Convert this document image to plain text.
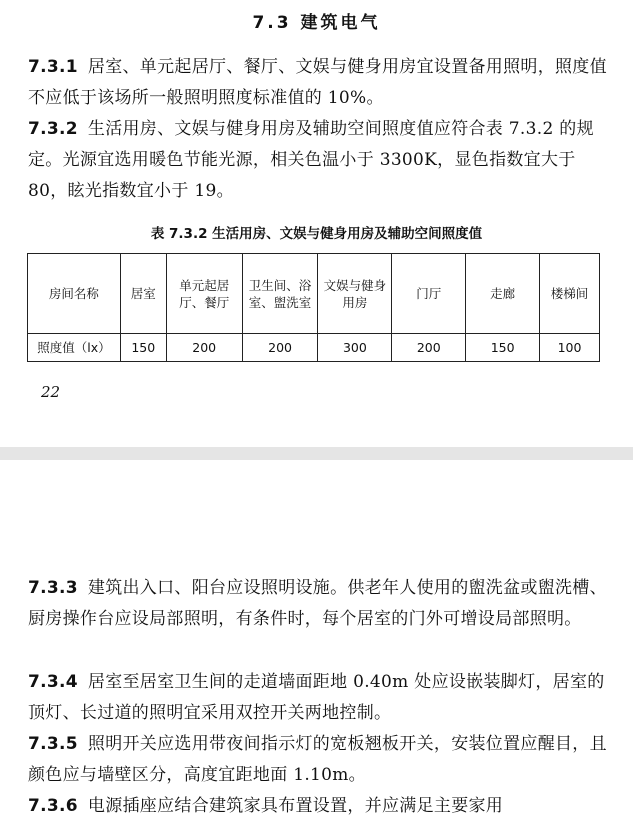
7.3 建筑电气

7.3.1 居室、单元起居厅、餐厅、文娱与健身用房宜设置备用照明，照度值不应低于该场所一般照明照度标准值的 10%。

7.3.2 生活用房、文娱与健身用房及辅助空间照度值应符合表 7.3.2 的规定。光源宜选用暖色节能光源，相关色温小于 3300K，显色指数宜大于 80，眩光指数宜小于 19。

表 7.3.2 生活用房、文娱与健身用房及辅助空间照度值
房间名称	居室	单元起居厅、餐厅	卫生间、浴室、盥洗室	文娱与健身用房	门厅	走廊	楼梯间
照度值（lx）	150	200	200	300	200	150	100
22

7.3.3 建筑出入口、阳台应设照明设施。供老年人使用的盥洗盆或盥洗槽、厨房操作台应设局部照明，有条件时，每个居室的门外可增设局部照明。

7.3.4 居室至居室卫生间的走道墙面距地 0.40m 处应设嵌装脚灯，居室的顶灯、长过道的照明宜采用双控开关两地控制。

7.3.5 照明开关应选用带夜间指示灯的宽板翘板开关，安装位置应醒目，且颜色应与墙壁区分，高度宜距地面 1.10m。

7.3.6 电源插座应结合建筑家具布置设置，并应满足主要家用
